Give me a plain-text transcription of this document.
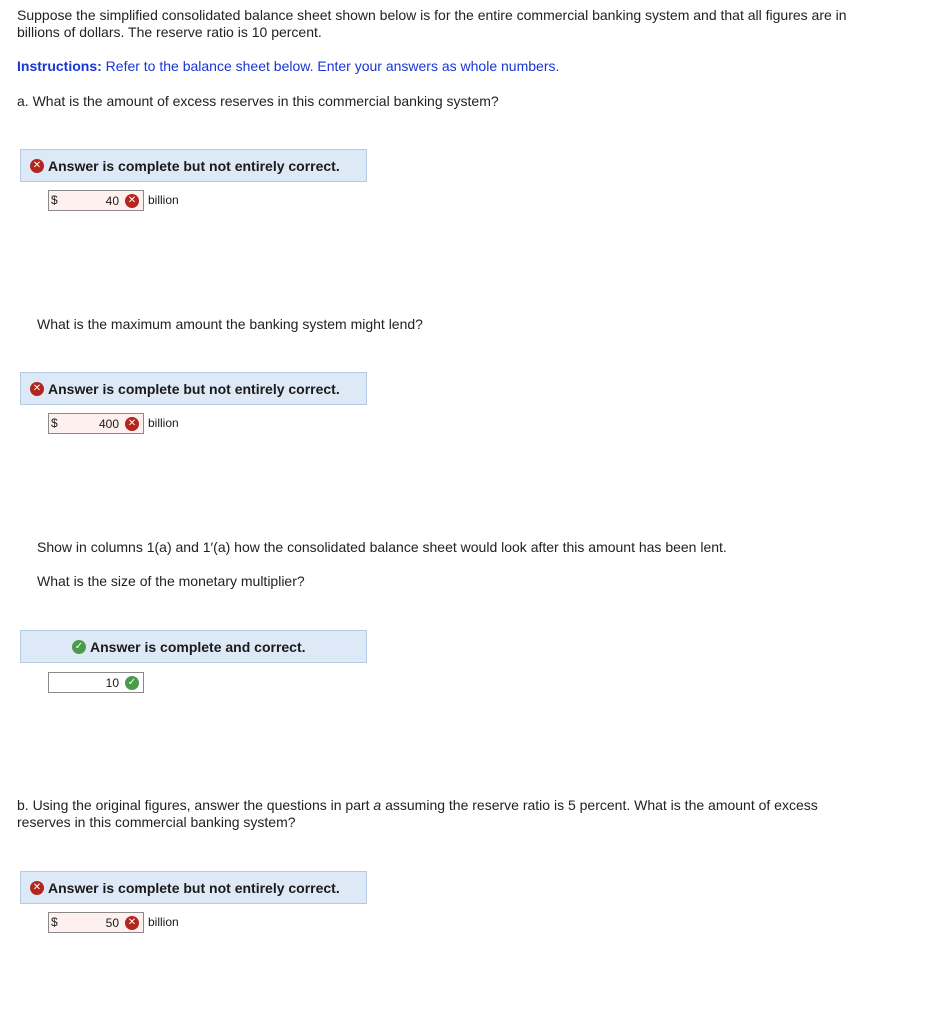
Suppose the simplified consolidated balance sheet shown below is for the entire commercial banking system and that all figures are in
billions of dollars. The reserve ratio is 10 percent.
Instructions: Refer to the balance sheet below. Enter your answers as whole numbers.
a. What is the amount of excess reserves in this commercial banking system?
✕ Answer is complete but not entirely correct.
$	40 ✕ billion
What is the maximum amount the banking system might lend?
✕ Answer is complete but not entirely correct.
$	400 ✕ billion
Show in columns 1(a) and 1′(a) how the consolidated balance sheet would look after this amount has been lent.
What is the size of the monetary multiplier?
✓ Answer is complete and correct.
10 ✓
b. Using the original figures, answer the questions in part a assuming the reserve ratio is 5 percent. What is the amount of excess
reserves in this commercial banking system?
✕ Answer is complete but not entirely correct.
$	50 ✕ billion
